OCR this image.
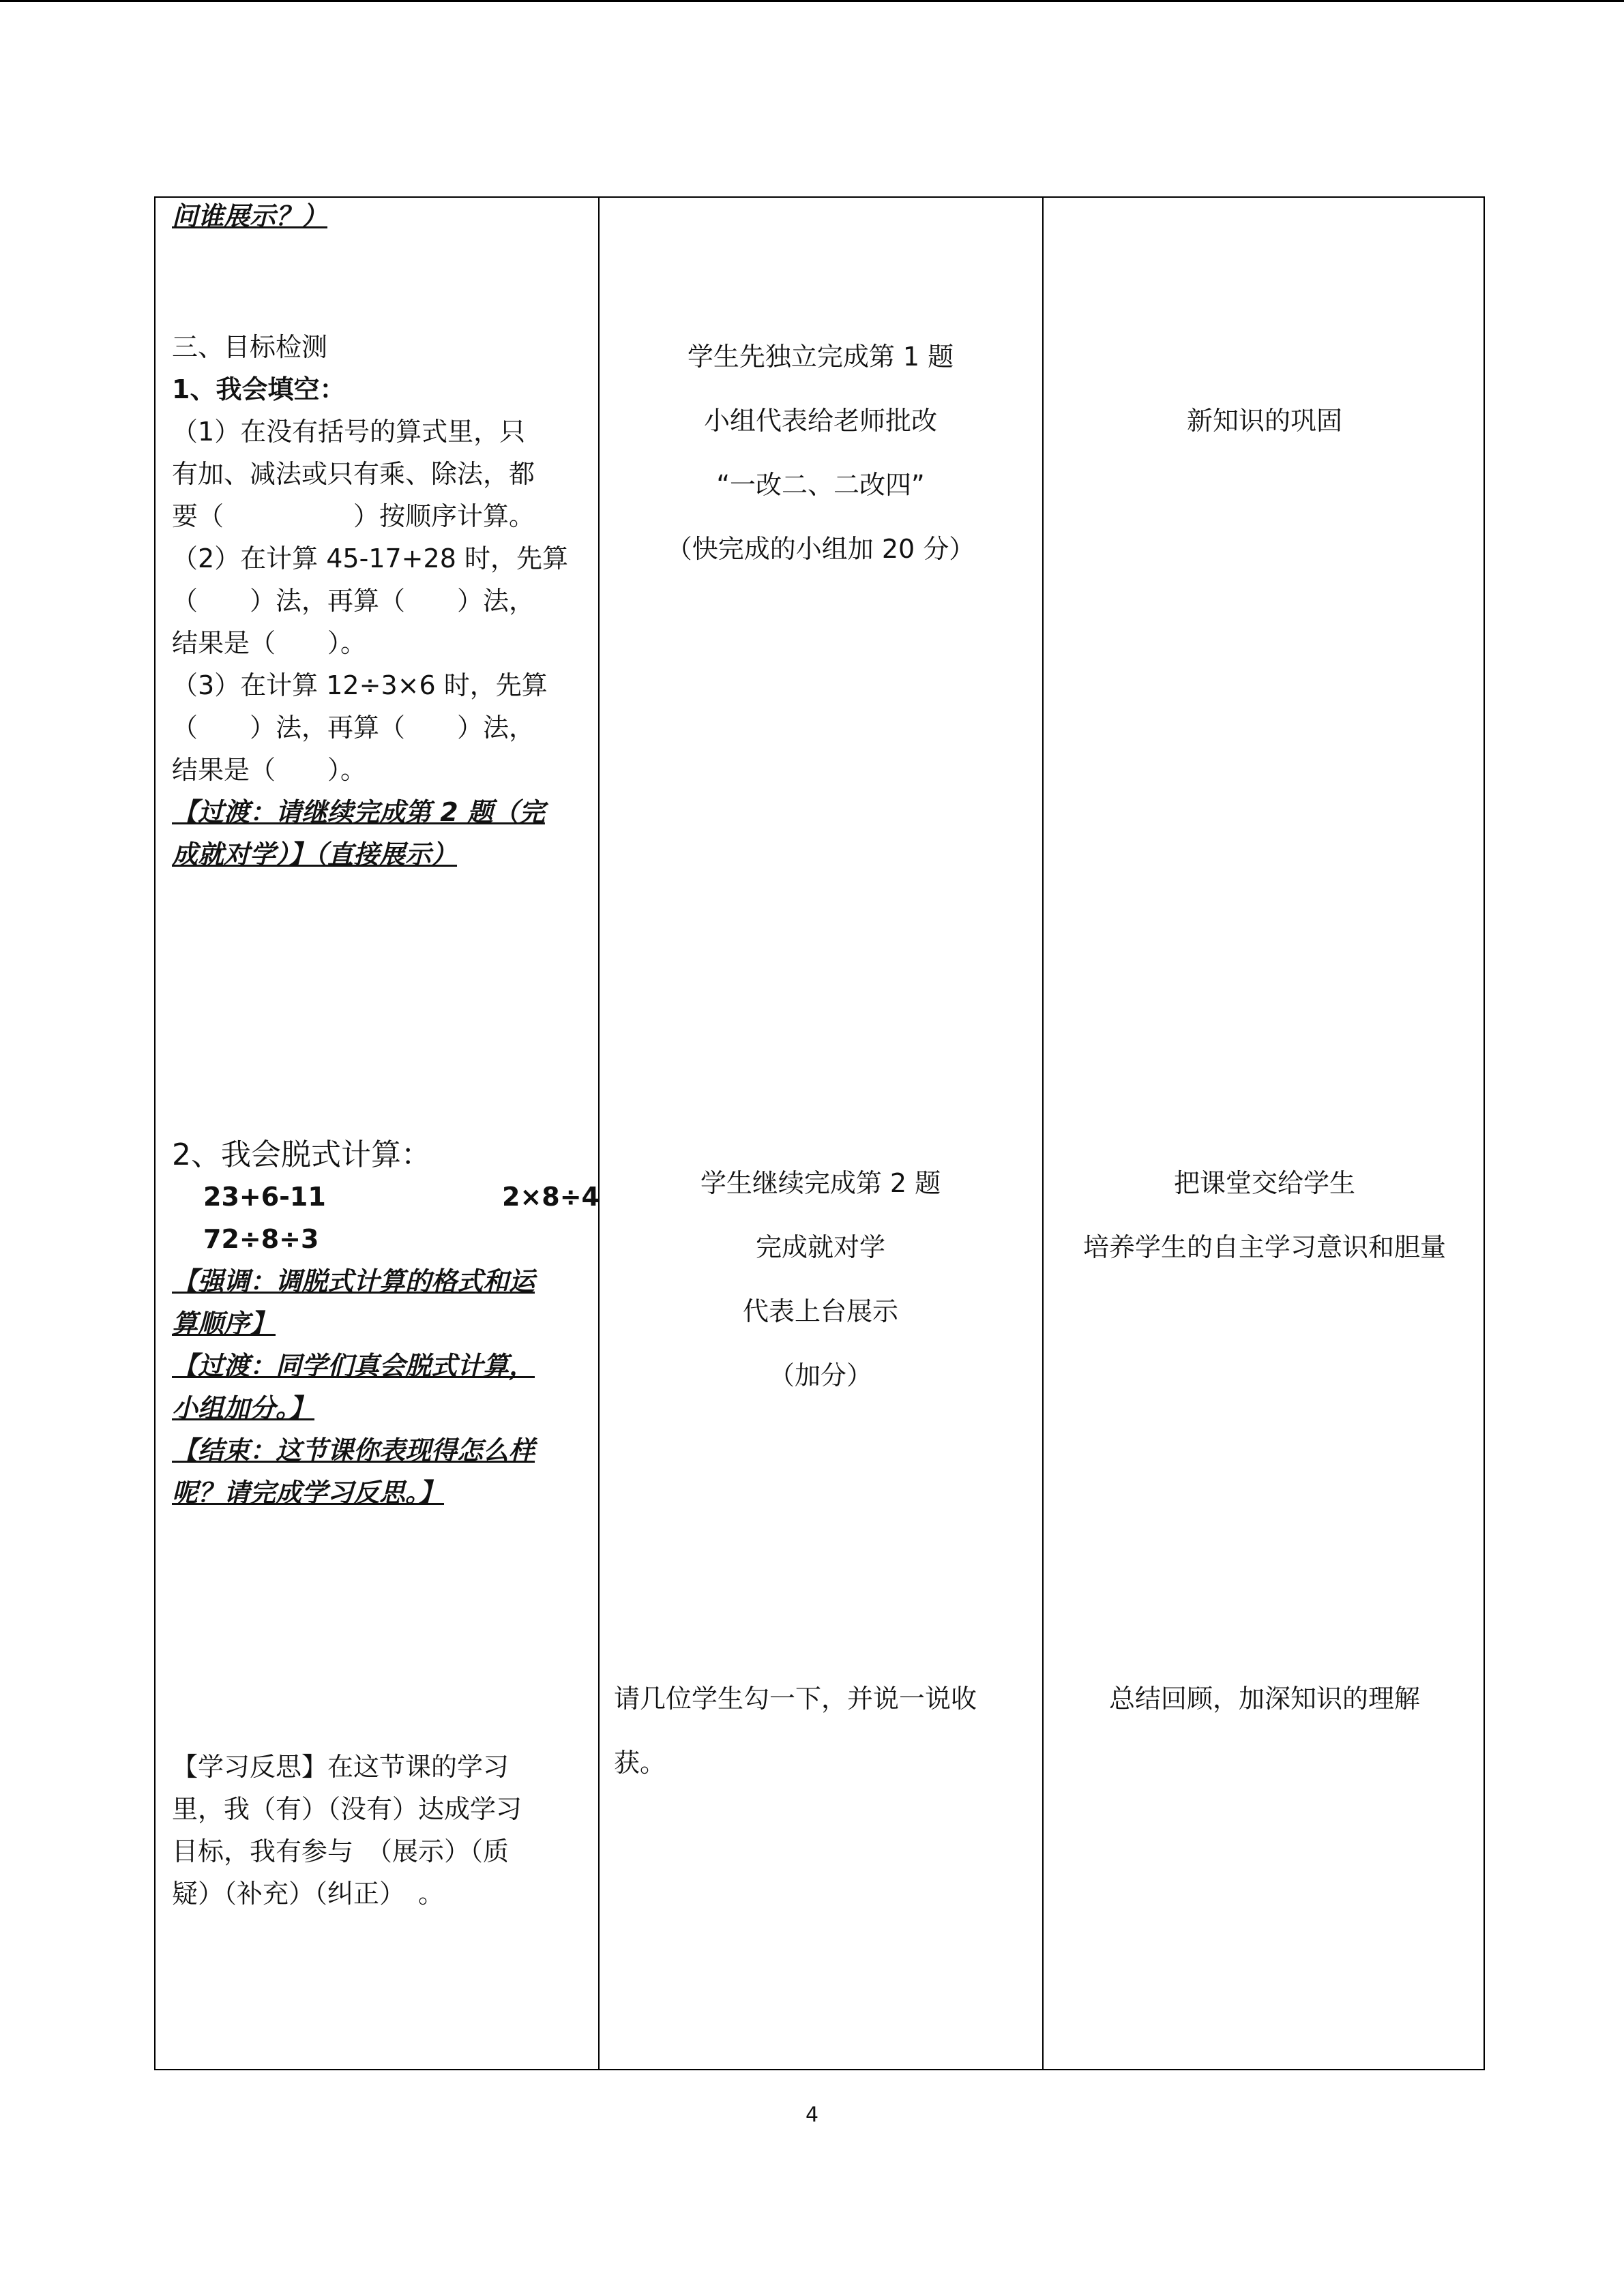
问谁展示？）
三、目标检测
1、我会填空：
（1）在没有括号的算式里，只
有加、减法或只有乘、除法，都
要（　　　　　）按顺序计算。
（2）在计算 45-17+28 时，先算
（　　）法，再算（　　）法，
结果是（　　）。
（3）在计算 12÷3×6 时，先算
（　　）法，再算（　　）法，
结果是（　　）。
【过渡：请继续完成第 2 题（完
成就对学）】（直接展示）
2、我会脱式计算：
23+6-11	2×8÷4
72÷8÷3
【强调：调脱式计算的格式和运
算顺序】
【过渡：同学们真会脱式计算，
小组加分。】
【结束：这节课你表现得怎么样
呢？请完成学习反思。】
【学习反思】在这节课的学习
里，我（有）（没有）达成学习
目标，我有参与　（展示）（质
疑）（补充）（纠正）　。
学生先独立完成第 1 题
小组代表给老师批改
“一改二、二改四”
（快完成的小组加 20 分）
学生继续完成第 2 题
完成就对学
代表上台展示
（加分）
请几位学生勾一下，并说一说收
获。
新知识的巩固
把课堂交给学生
培养学生的自主学习意识和胆量
总结回顾，加深知识的理解
4
